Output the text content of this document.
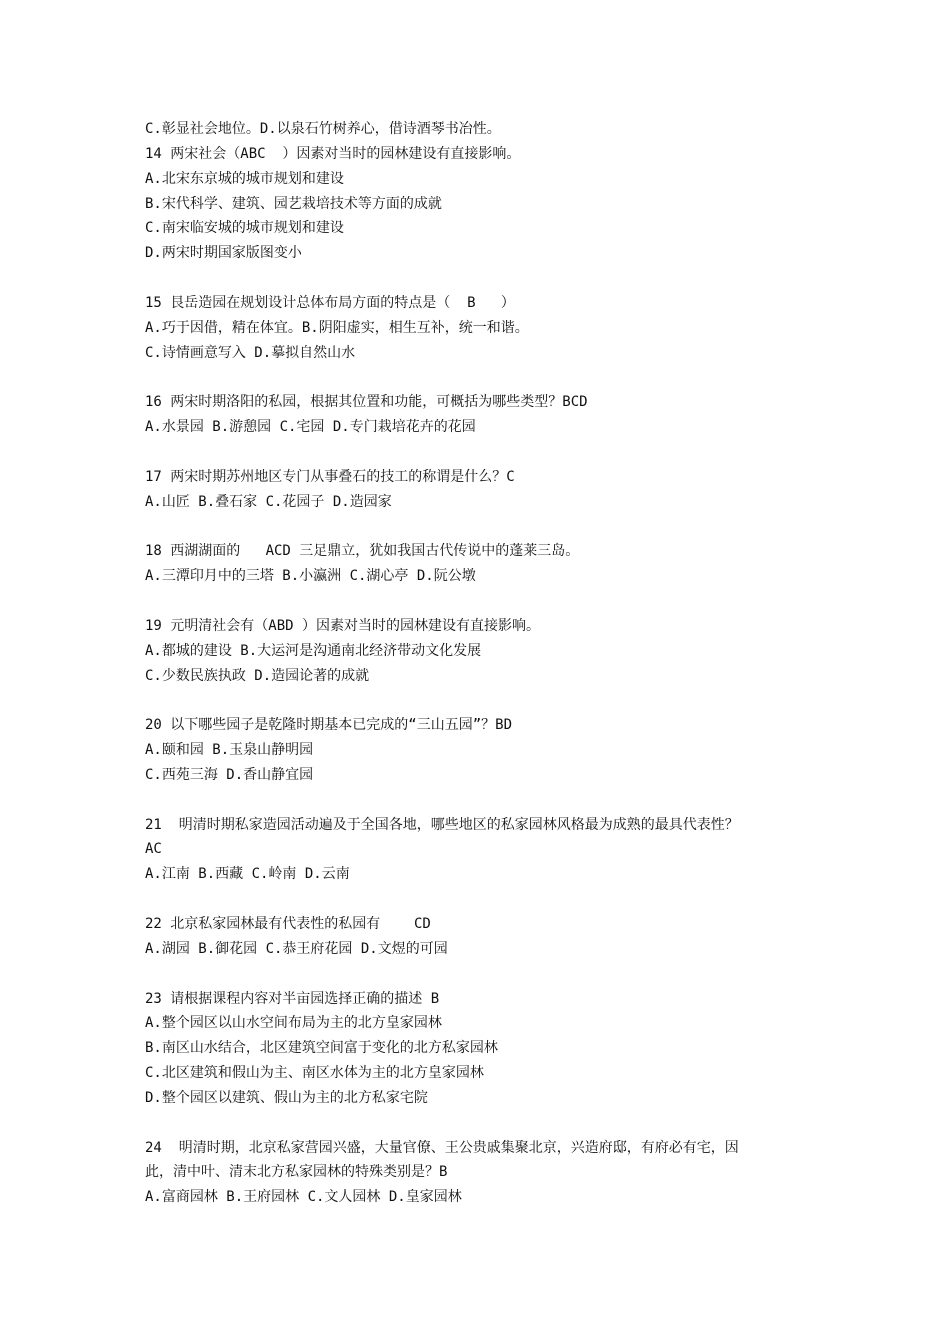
C.彰显社会地位。D.以泉石竹树养心，借诗酒琴书冶性。
14 两宋社会（ABC  ）因素对当时的园林建设有直接影响。
A.北宋东京城的城市规划和建设
B.宋代科学、建筑、园艺栽培技术等方面的成就
C.南宋临安城的城市规划和建设
D.两宋时期国家版图变小
15 艮岳造园在规划设计总体布局方面的特点是（  B   ）
A.巧于因借，精在体宜。B.阴阳虚实，相生互补，统一和谐。
C.诗情画意写入 D.摹拟自然山水
16 两宋时期洛阳的私园，根据其位置和功能，可概括为哪些类型？BCD
A.水景园 B.游憩园 C.宅园 D.专门栽培花卉的花园
17 两宋时期苏州地区专门从事叠石的技工的称谓是什么？C
A.山匠 B.叠石家 C.花园子 D.造园家
18 西湖湖面的   ACD 三足鼎立，犹如我国古代传说中的蓬莱三岛。
A.三潭印月中的三塔 B.小瀛洲 C.湖心亭 D.阮公墩
19 元明清社会有（ABD ）因素对当时的园林建设有直接影响。
A.都城的建设 B.大运河是沟通南北经济带动文化发展
C.少数民族执政 D.造园论著的成就
20 以下哪些园子是乾隆时期基本已完成的“三山五园”？BD
A.颐和园 B.玉泉山静明园
C.西苑三海 D.香山静宜园
21  明清时期私家造园活动遍及于全国各地，哪些地区的私家园林风格最为成熟的最具代表性？
AC
A.江南 B.西藏 C.岭南 D.云南
22 北京私家园林最有代表性的私园有    CD
A.湖园 B.御花园 C.恭王府花园 D.文煜的可园
23 请根据课程内容对半亩园选择正确的描述 B
A.整个园区以山水空间布局为主的北方皇家园林
B.南区山水结合，北区建筑空间富于变化的北方私家园林
C.北区建筑和假山为主、南区水体为主的北方皇家园林
D.整个园区以建筑、假山为主的北方私家宅院
24  明清时期，北京私家营园兴盛，大量官僚、王公贵戚集聚北京，兴造府邸，有府必有宅，因
此，清中叶、清末北方私家园林的特殊类别是？B
A.富商园林 B.王府园林 C.文人园林 D.皇家园林
